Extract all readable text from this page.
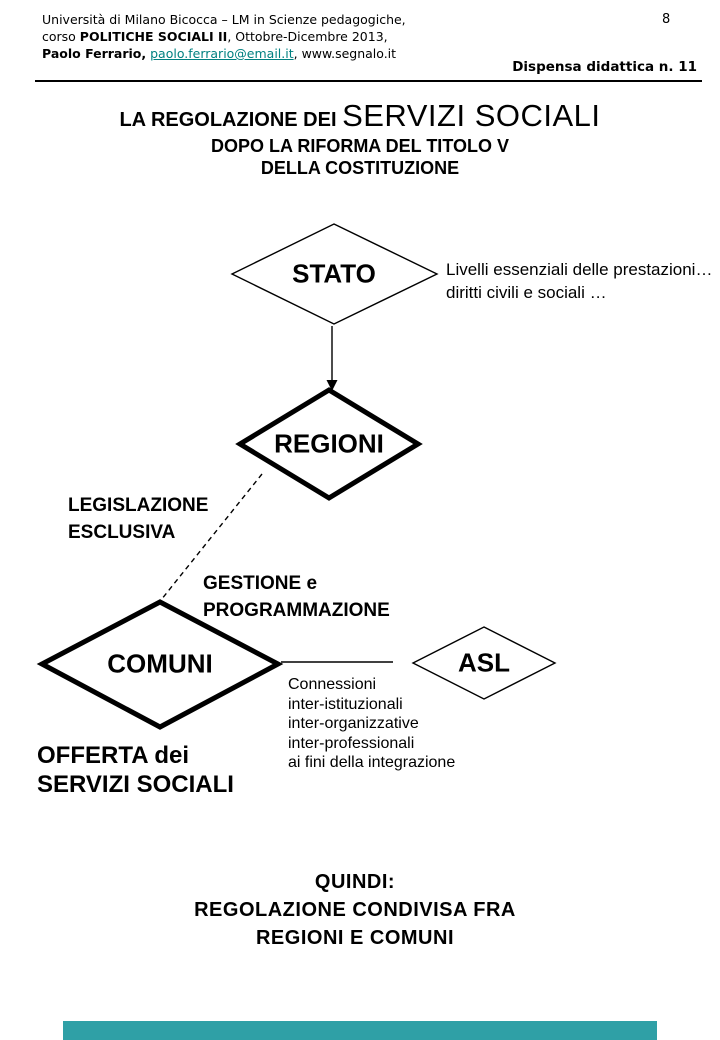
Università di Milano Bicocca – LM in Scienze pedagogiche,
corso POLITICHE SOCIALI II, Ottobre-Dicembre 2013,
Paolo Ferrario, paolo.ferrario@email.it, www.segnalo.it
8
Dispensa didattica n. 11
LA REGOLAZIONE DEI SERVIZI SOCIALI
DOPO LA RIFORMA DEL TITOLO V
DELLA COSTITUZIONE
STATO
REGIONI
COMUNI	ASL
Livelli essenziali delle prestazioni…
diritti civili e sociali …
LEGISLAZIONE
ESCLUSIVA
GESTIONE e
PROGRAMMAZIONE
Connessioni
inter-istituzionali
inter-organizzative
inter-professionali
ai fini della integrazione
OFFERTA dei
SERVIZI SOCIALI
QUINDI:
REGOLAZIONE CONDIVISA FRA
REGIONI E COMUNI
